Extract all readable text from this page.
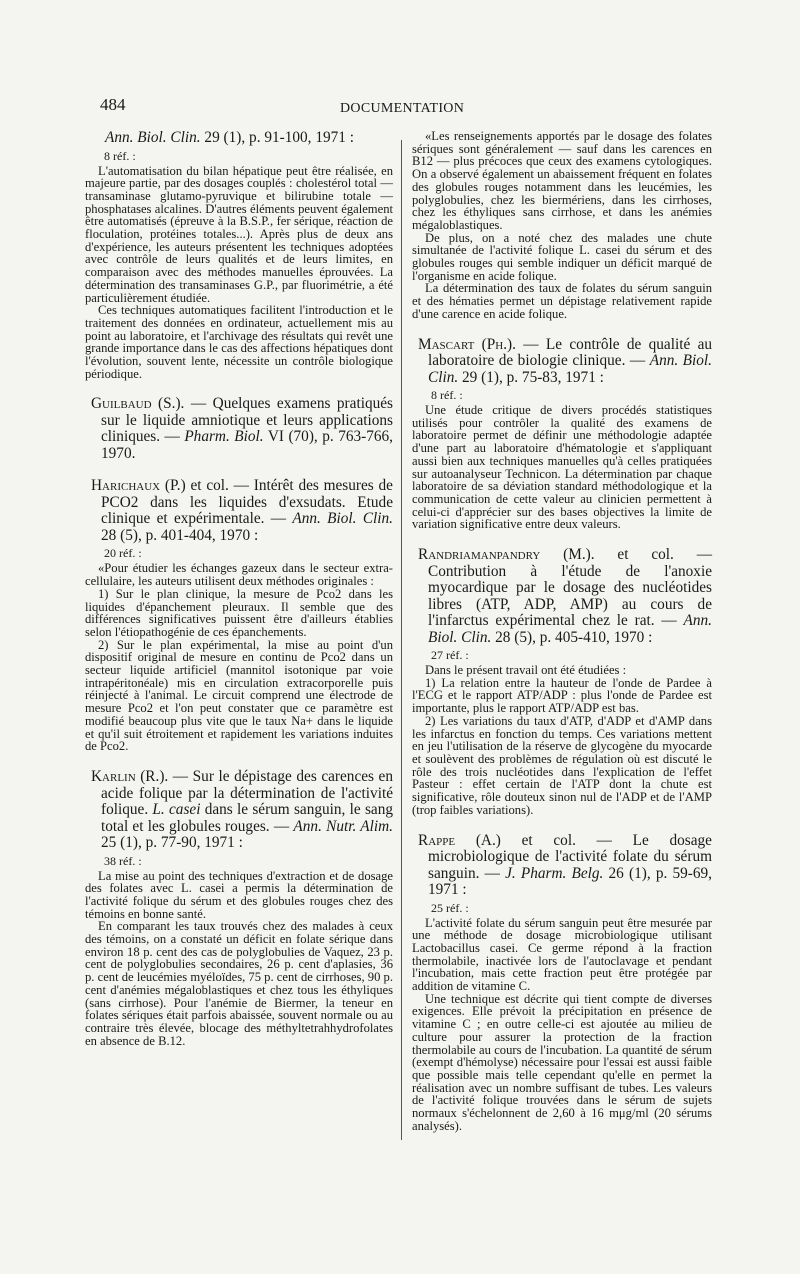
484	DOCUMENTATION
Ann. Biol. Clin. 29 (1), p. 91-100, 1971 :
8 réf. :

L'automatisation du bilan hépatique peut être réalisée, en majeure partie, par des dosages couplés : cholestérol total — transaminase glutamo-pyruvique et bilirubine totale — phosphatases alcalines. D'autres éléments peuvent également être automatisés (épreuve à la B.S.P., fer sérique, réaction de floculation, protéines totales...). Après plus de deux ans d'expérience, les auteurs présentent les techniques adoptées avec contrôle de leurs qualités et de leurs limites, en comparaison avec des méthodes manuelles éprouvées. La détermination des transaminases G.P., par fluorimétrie, a été particulièrement étudiée.

Ces techniques automatiques facilitent l'introduction et le traitement des données en ordinateur, actuellement mis au point au laboratoire, et l'archivage des résultats qui revêt une grande importance dans le cas des affections hépatiques dont l'évolution, souvent lente, nécessite un contrôle biologique périodique.

Guilbaud (S.). — Quelques examens pratiqués sur le liquide amniotique et leurs applications cliniques. — Pharm. Biol. VI (70), p. 763-766, 1970.
Harichaux (P.) et col. — Intérêt des mesures de PCO2 dans les liquides d'exsudats. Etude clinique et expérimentale. — Ann. Biol. Clin. 28 (5), p. 401-404, 1970 :
20 réf. :

«Pour étudier les échanges gazeux dans le secteur extra-cellulaire, les auteurs utilisent deux méthodes originales :

1) Sur le plan clinique, la mesure de Pco2 dans les liquides d'épanchement pleuraux. Il semble que des différences significatives puissent être d'ailleurs établies selon l'étiopathogénie de ces épanchements.

2) Sur le plan expérimental, la mise au point d'un dispositif original de mesure en continu de Pco2 dans un secteur liquide artificiel (mannitol isotonique par voie intrapéritonéale) mis en circulation extracorporelle puis réinjecté à l'animal. Le circuit comprend une électrode de mesure Pco2 et l'on peut constater que ce paramètre est modifié beaucoup plus vite que le taux Na+ dans le liquide et qu'il suit étroitement et rapidement les variations induites de Pco2.

Karlin (R.). — Sur le dépistage des carences en acide folique par la détermination de l'activité folique. L. casei dans le sérum sanguin, le sang total et les globules rouges. — Ann. Nutr. Alim. 25 (1), p. 77-90, 1971 :
38 réf. :

La mise au point des techniques d'extraction et de dosage des folates avec L. casei a permis la détermination de l'activité folique du sérum et des globules rouges chez des témoins en bonne santé.

En comparant les taux trouvés chez des malades à ceux des témoins, on a constaté un déficit en folate sérique dans environ 18 p. cent des cas de polyglobulies de Vaquez, 23 p. cent de polyglobulies secondaires, 26 p. cent d'aplasies, 36 p. cent de leucémies myéloïdes, 75 p. cent de cirrhoses, 90 p. cent d'anémies mégaloblastiques et chez tous les éthyliques (sans cirrhose). Pour l'anémie de Biermer, la teneur en folates sériques était parfois abaissée, souvent normale ou au contraire très élevée, blocage des méthyltetrahhydrofolates en absence de B.12.

«Les renseignements apportés par le dosage des folates sériques sont généralement — sauf dans les carences en B12 — plus précoces que ceux des examens cytologiques. On a observé également un abaissement fréquent en folates des globules rouges notamment dans les leucémies, les polyglobulies, chez les biermériens, dans les cirrhoses, chez les éthyliques sans cirrhose, et dans les anémies mégaloblastiques.

De plus, on a noté chez des malades une chute simultanée de l'activité folique L. casei du sérum et des globules rouges qui semble indiquer un déficit marqué de l'organisme en acide folique.

La détermination des taux de folates du sérum sanguin et des hématies permet un dépistage relativement rapide d'une carence en acide folique.

Mascart (Ph.). — Le contrôle de qualité au laboratoire de biologie clinique. — Ann. Biol. Clin. 29 (1), p. 75-83, 1971 :
8 réf. :

Une étude critique de divers procédés statistiques utilisés pour contrôler la qualité des examens de laboratoire permet de définir une méthodologie adaptée d'une part au laboratoire d'hématologie et s'appliquant aussi bien aux techniques manuelles qu'à celles pratiquées sur autoanalyseur Technicon. La détermination par chaque laboratoire de sa déviation standard méthodologique et la communication de cette valeur au clinicien permettent à celui-ci d'apprécier sur des bases objectives la limite de variation significative entre deux valeurs.

Randriamanpandry (M.). et col. — Contribution à l'étude de l'anoxie myocardique par le dosage des nucléotides libres (ATP, ADP, AMP) au cours de l'infarctus expérimental chez le rat. — Ann. Biol. Clin. 28 (5), p. 405-410, 1970 :
27 réf. :

Dans le présent travail ont été étudiées :

1) La relation entre la hauteur de l'onde de Pardee à l'ECG et le rapport ATP/ADP : plus l'onde de Pardee est importante, plus le rapport ATP/ADP est bas.

2) Les variations du taux d'ATP, d'ADP et d'AMP dans les infarctus en fonction du temps. Ces variations mettent en jeu l'utilisation de la réserve de glycogène du myocarde et soulèvent des problèmes de régulation où est discuté le rôle des trois nucléotides dans l'explication de l'effet Pasteur : effet certain de l'ATP dont la chute est significative, rôle douteux sinon nul de l'ADP et de l'AMP (trop faibles variations).

Rappe (A.) et col. — Le dosage microbiologique de l'activité folate du sérum sanguin. — J. Pharm. Belg. 26 (1), p. 59-69, 1971 :
25 réf. :

L'activité folate du sérum sanguin peut être mesurée par une méthode de dosage microbiologique utilisant Lactobacillus casei. Ce germe répond à la fraction thermolabile, inactivée lors de l'autoclavage et pendant l'incubation, mais cette fraction peut être protégée par addition de vitamine C.

Une technique est décrite qui tient compte de diverses exigences. Elle prévoit la précipitation en présence de vitamine C ; en outre celle-ci est ajoutée au milieu de culture pour assurer la protection de la fraction thermolabile au cours de l'incubation. La quantité de sérum (exempt d'hémolyse) nécessaire pour l'essai est aussi faible que possible mais telle cependant qu'elle en permet la réalisation avec un nombre suffisant de tubes. Les valeurs de l'activité folique trouvées dans le sérum de sujets normaux s'échelonnent de 2,60 à 16 mμg/ml (20 sérums analysés).
